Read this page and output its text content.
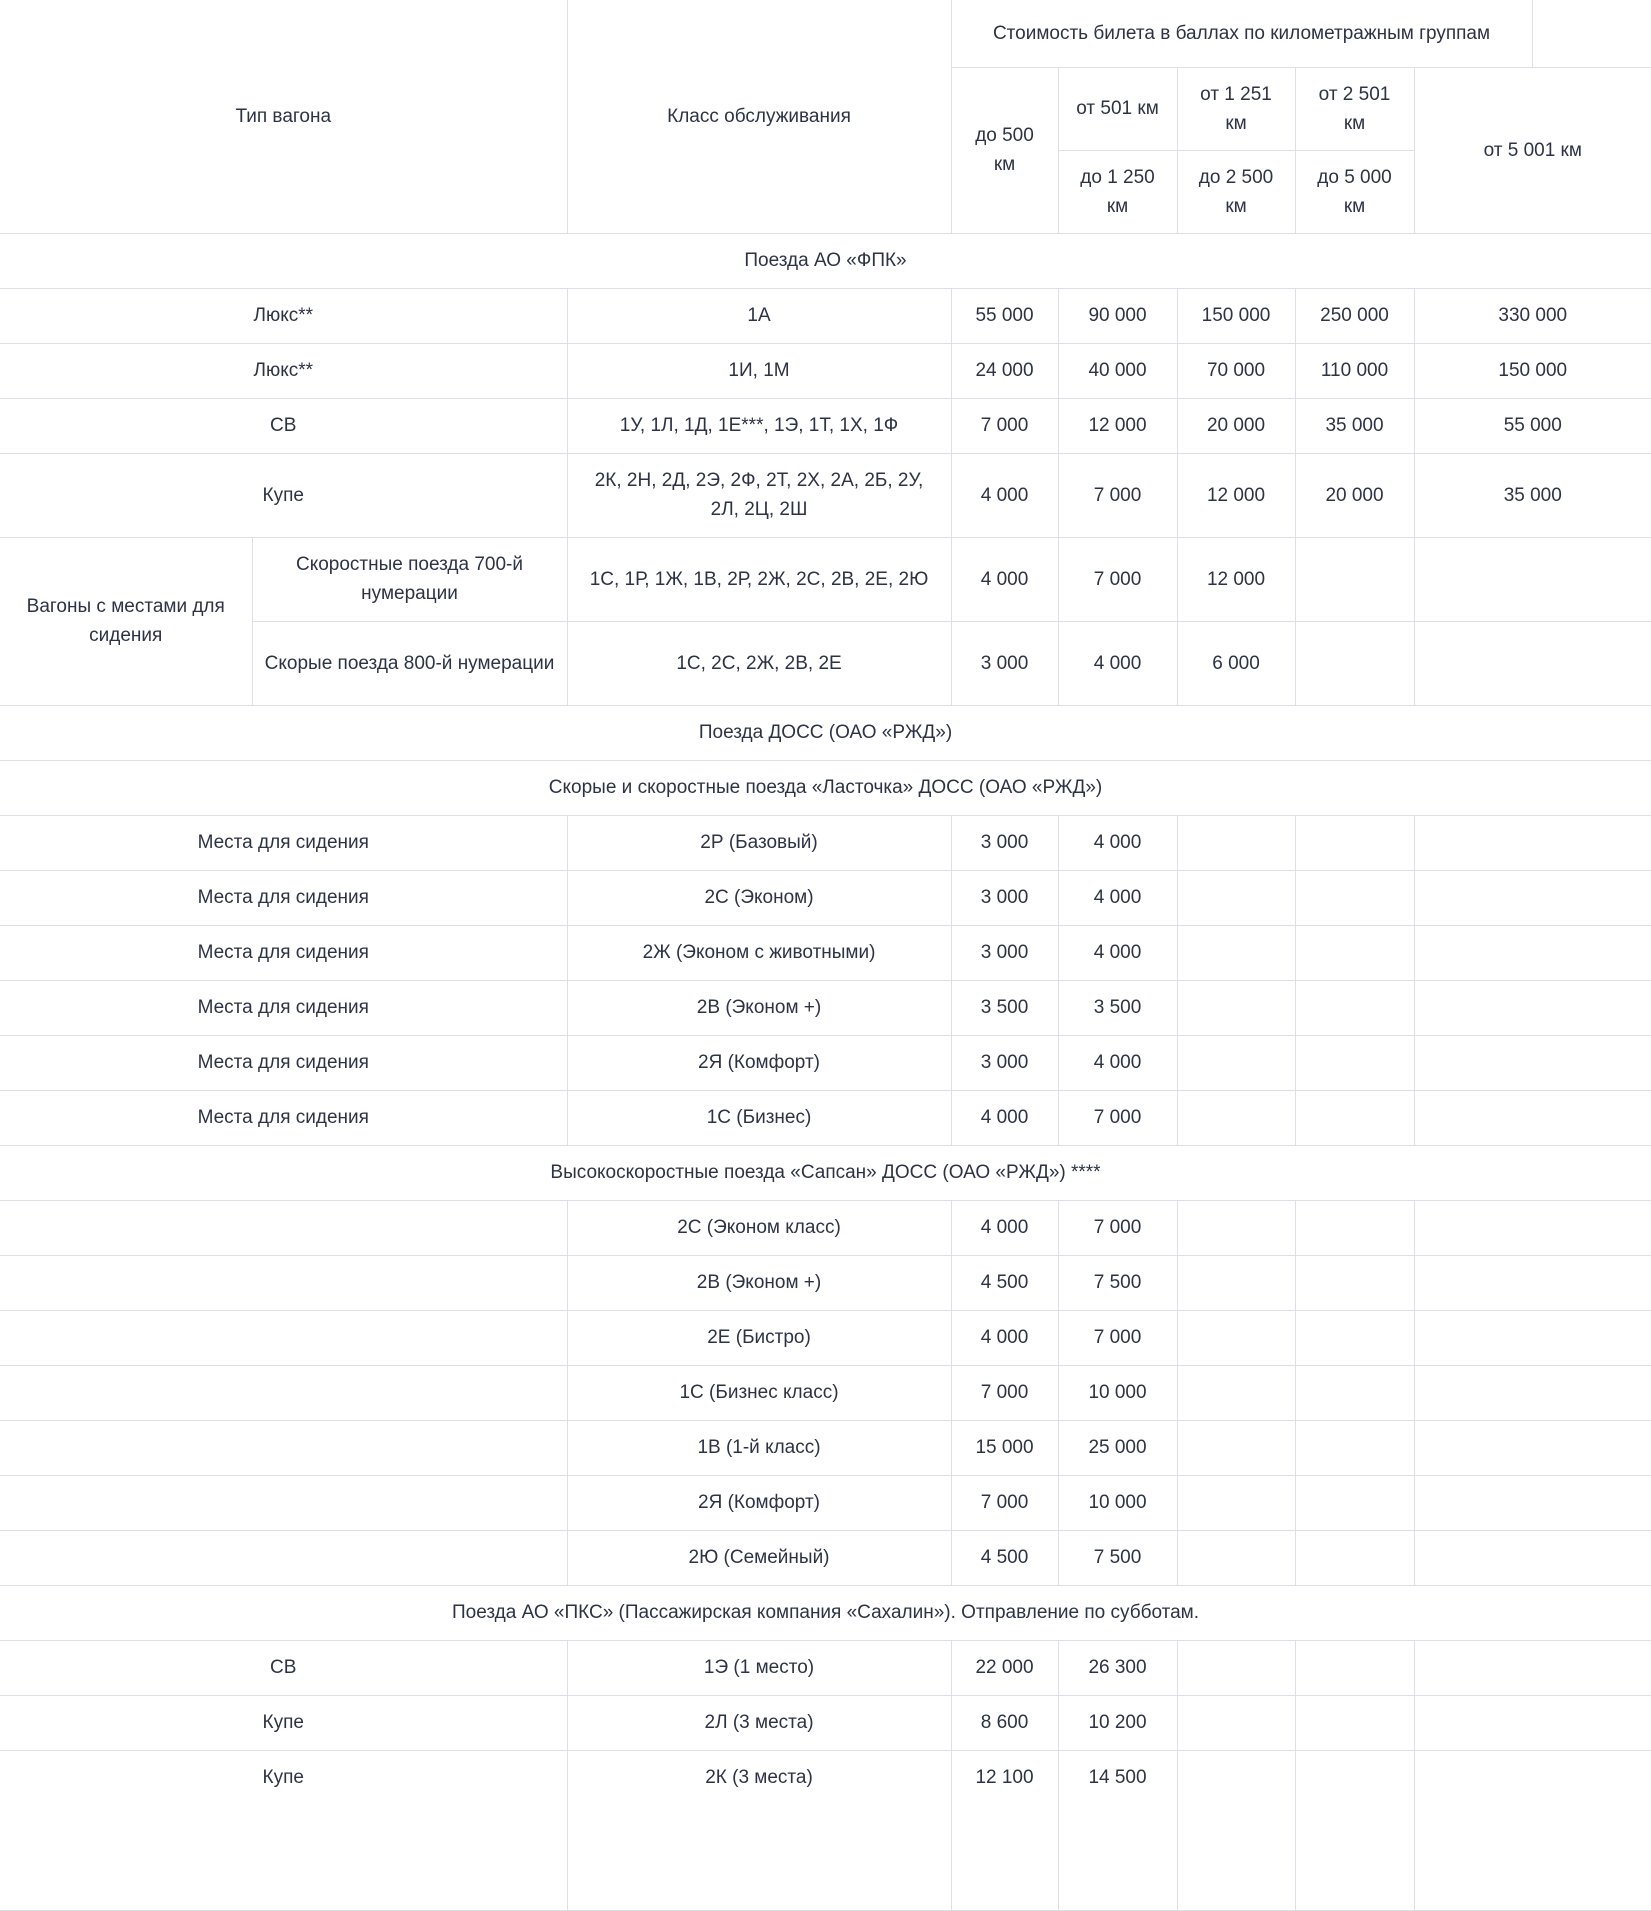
Тип вагона		Класс обслуживания	Стоимость билета в баллах по километражным группам					
			до 500 км	от 501 км	от 1 251 км	от 2 501 км	от 5 001 км	
				до 1 250 км	до 2 500 км	до 5 000 км		
Поезда АО «ФПК»								
Люкс**		1А	55 000	90 000	150 000	250 000	330 000	
Люкс**		1И, 1М	24 000	40 000	70 000	110 000	150 000	
СВ		1У, 1Л, 1Д, 1Е***, 1Э, 1Т, 1Х, 1Ф	7 000	12 000	20 000	35 000	55 000	
Купе		2К, 2Н, 2Д, 2Э, 2Ф, 2Т, 2Х, 2А, 2Б, 2У, 2Л, 2Ц, 2Ш	4 000	7 000	12 000	20 000	35 000	
Вагоны с местами для сидения	Скоростные поезда 700-й нумерации	1С, 1Р, 1Ж, 1В, 2Р, 2Ж, 2С, 2В, 2Е, 2Ю	4 000	7 000	12 000			
	Скорые поезда 800-й нумерации	1С, 2С, 2Ж, 2В, 2Е	3 000	4 000	6 000			
Поезда ДОСС (ОАО «РЖД»)								
Скорые и скоростные поезда «Ласточка» ДОСС (ОАО «РЖД»)								
Места для сидения		2Р (Базовый)	3 000	4 000				
Места для сидения		2С (Эконом)	3 000	4 000				
Места для сидения		2Ж (Эконом с животными)	3 000	4 000				
Места для сидения		2В (Эконом +)	3 500	3 500				
Места для сидения		2Я (Комфорт)	3 000	4 000				
Места для сидения		1С (Бизнес)	4 000	7 000				
Высокоскоростные поезда «Сапсан» ДОСС (ОАО «РЖД») ****								
		2С (Эконом класс)	4 000	7 000				
		2В (Эконом +)	4 500	7 500				
		2Е (Бистро)	4 000	7 000				
		1С (Бизнес класс)	7 000	10 000				
		1В (1-й класс)	15 000	25 000				
		2Я (Комфорт)	7 000	10 000				
		2Ю (Семейный)	4 500	7 500				
Поезда АО «ПКС» (Пассажирская компания «Сахалин»). Отправление по субботам.								
СВ		1Э (1 место)	22 000	26 300				
Купе		2Л (3 места)	8 600	10 200				
Купе		2К (3 места)	12 100	14 500				
